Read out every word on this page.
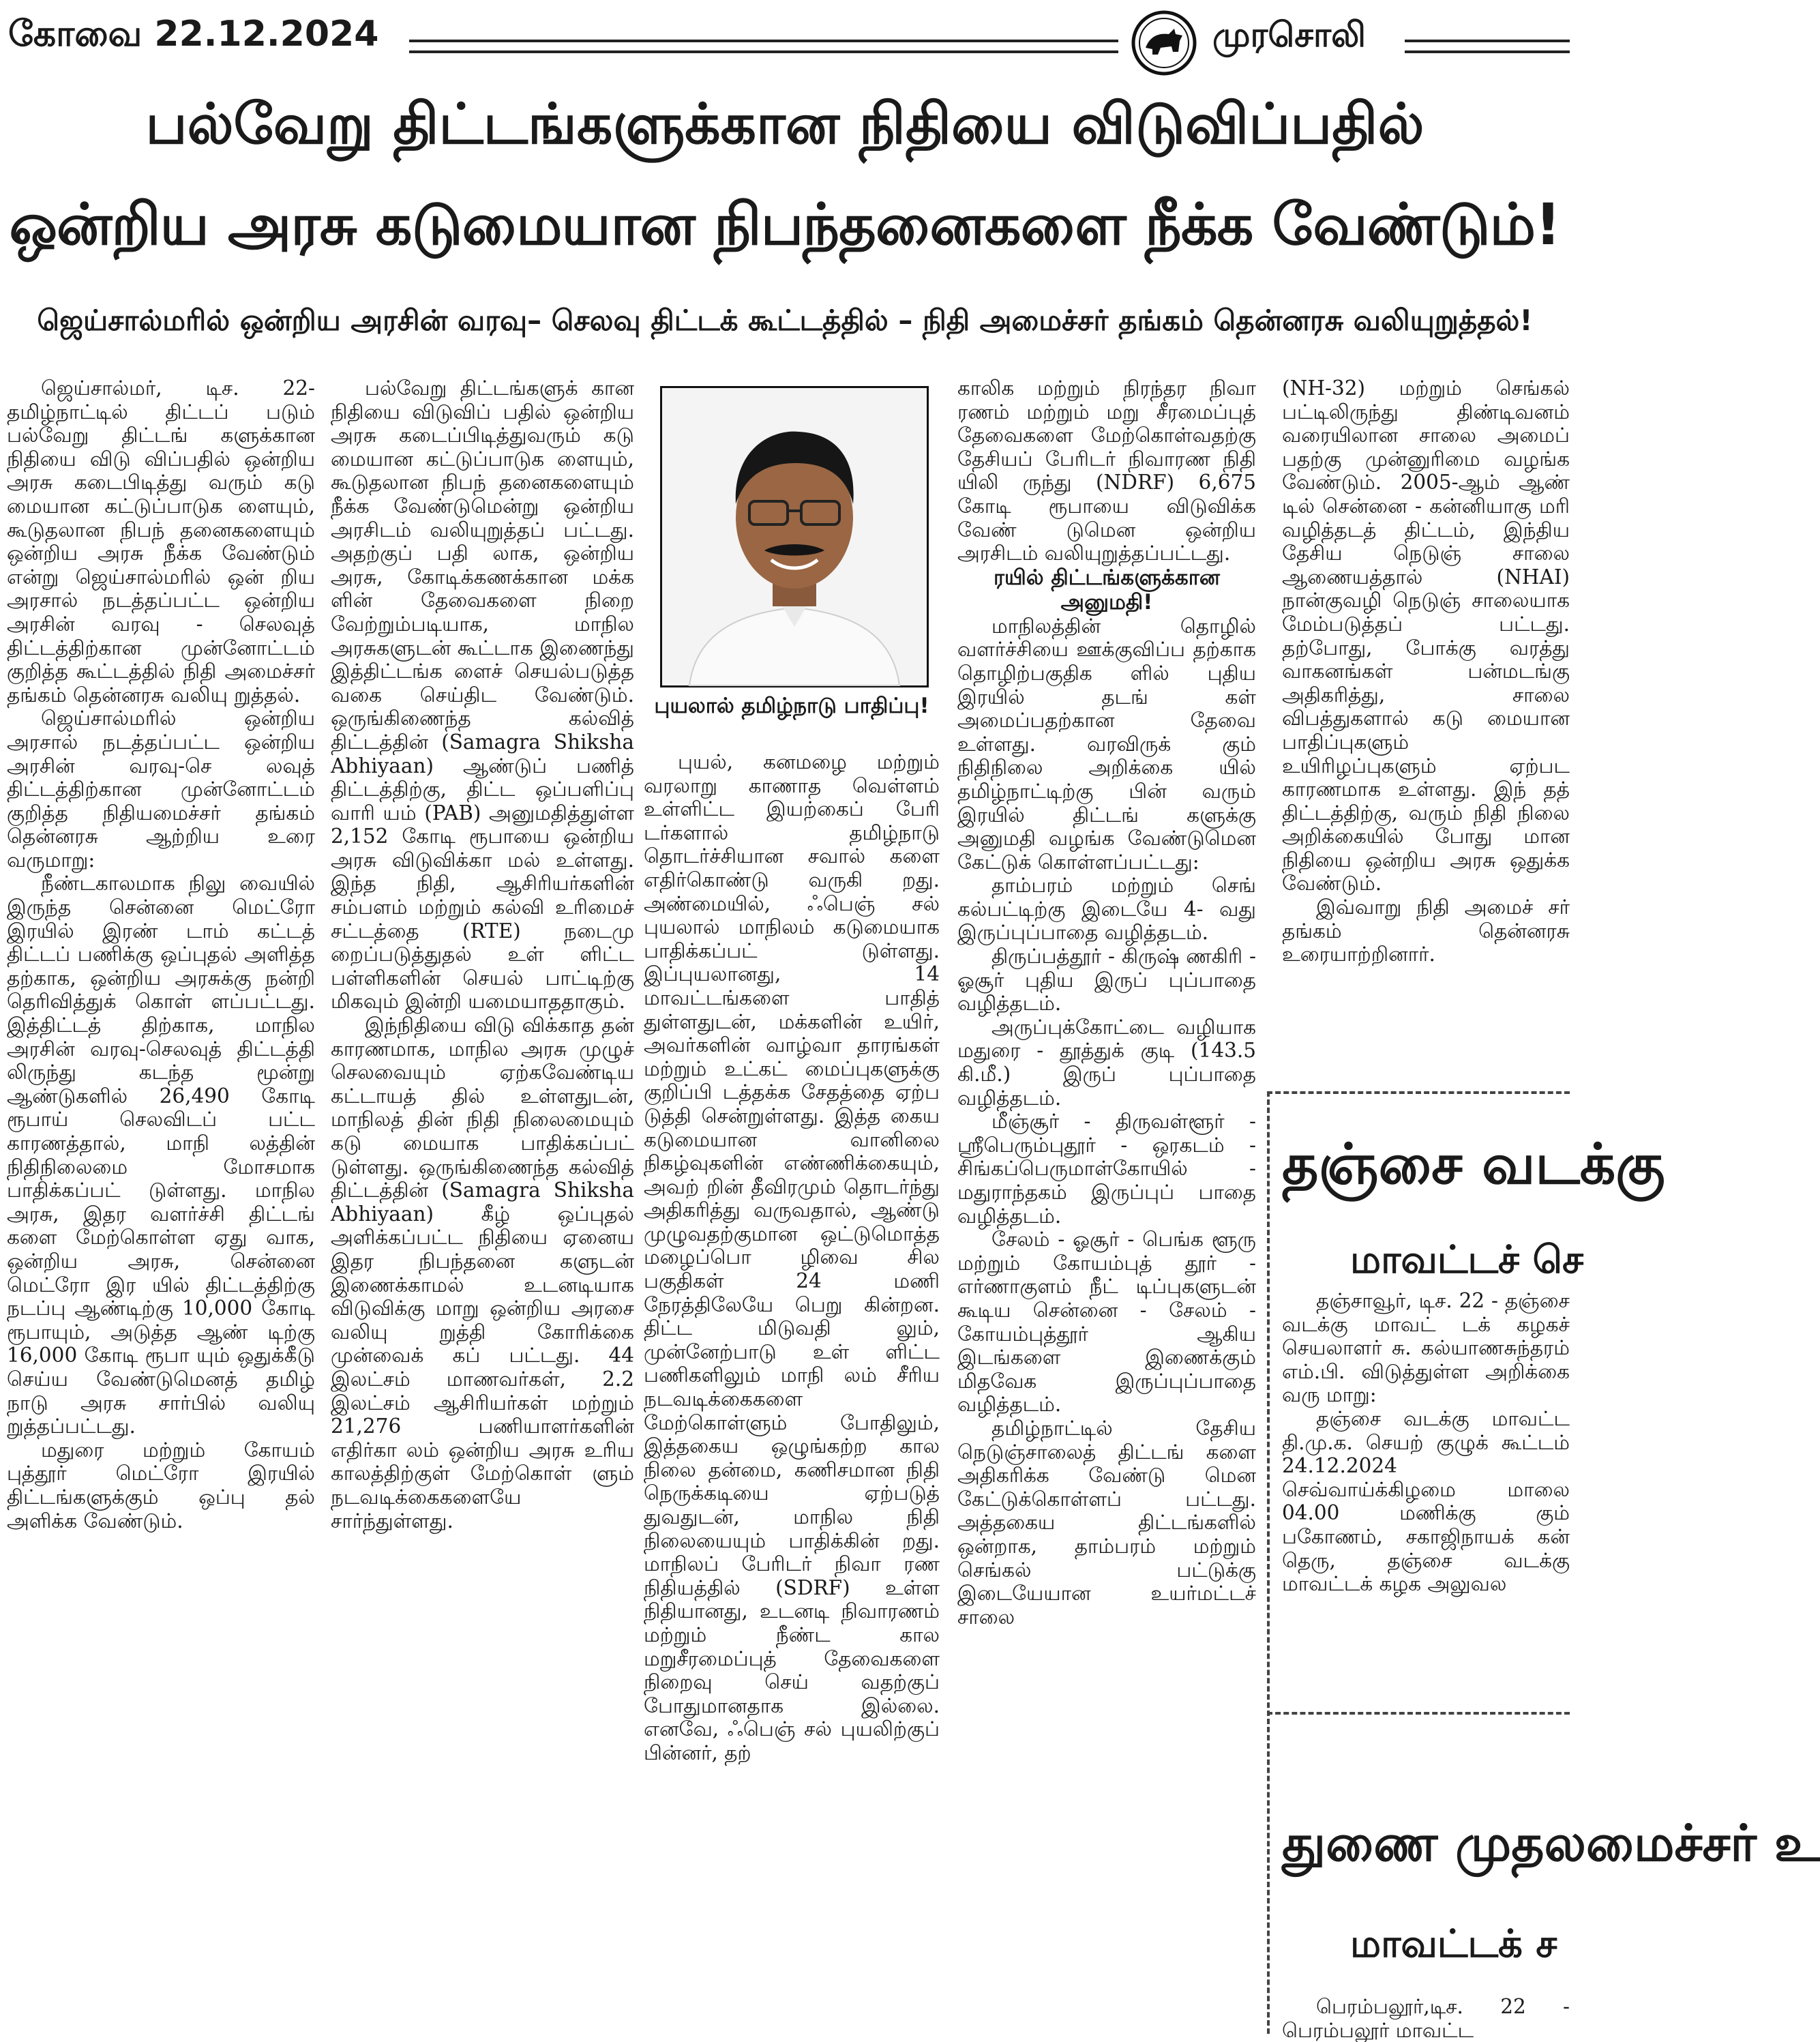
கோவை 22.12.2024	முரசொலி
பல்வேறு திட்டங்களுக்கான நிதியை விடுவிப்பதில்
ஒன்றிய அரசு கடுமையான நிபந்தனைகளை நீக்க வேண்டும்!
ஜெய்சால்மரில் ஒன்றிய அரசின் வரவு– செலவு திட்டக் கூட்டத்தில் – நிதி அமைச்சர் தங்கம் தென்னரசு வலியுறுத்தல்!

ஜெய்சால்மர், டிச. 22- தமிழ்நாட்டில் திட்டப் படும் பல்வேறு திட்டங் களுக்கான நிதியை விடு விப்பதில் ஒன்றிய அரசு கடைபிடித்து வரும் கடு மையான கட்டுப்பாடுக ளையும், கூடுதலான நிபந் தனைகளையும் ஒன்றிய அரசு நீக்க வேண்டும் என்று ஜெய்சால்மரில் ஒன் றிய அரசால் நடத்தப்பட்ட ஒன்றிய அரசின் வரவு - செலவுத் திட்டத்திற்கான முன்னோட்டம் குறித்த கூட்டத்தில் நிதி அமைச்சர் தங்கம் தென்னரசு வலியு றுத்தல்.

ஜெய்சால்மரில் ஒன்றிய அரசால் நடத்தப்பட்ட ஒன்றிய அரசின் வரவு-செ லவுத் திட்டத்திற்கான முன்னோட்டம் குறித்த நிதியமைச்சர் தங்கம் தென்னரசு ஆற்றிய உரை வருமாறு:

நீண்டகாலமாக நிலு வையில் இருந்த சென்னை மெட்ரோ இரயில் இரண் டாம் கட்டத் திட்டப் பணிக்கு ஒப்புதல் அளித்த தற்காக, ஒன்றிய அரசுக்கு நன்றி தெரிவித்துக் கொள் ளப்பட்டது. இத்திட்டத் திற்காக, மாநில அரசின் வரவு-செலவுத் திட்டத்தி லிருந்து கடந்த மூன்று ஆண்டுகளில் 26,490 கோடி ரூபாய் செலவிடப் பட்ட காரணத்தால், மாநி லத்தின் நிதிநிலைமை மோசமாக பாதிக்கப்பட் டுள்ளது. மாநில அரசு, இதர வளர்ச்சி திட்டங் களை மேற்கொள்ள ஏது வாக, ஒன்றிய அரசு, சென்னை மெட்ரோ இர யில் திட்டத்திற்கு நடப்பு ஆண்டிற்கு 10,000 கோடி ரூபாயும், அடுத்த ஆண் டிற்கு 16,000 கோடி ரூபா யும் ஒதுக்கீடு செய்ய வேண்டுமெனத் தமிழ் நாடு அரசு சார்பில் வலியு றுத்தப்பட்டது.

மதுரை மற்றும் கோயம் புத்தூர் மெட்ரோ இரயில் திட்டங்களுக்கும் ஒப்பு தல் அளிக்க வேண்டும்.

பல்வேறு திட்டங்களுக் கான நிதியை விடுவிப் பதில் ஒன்றிய அரசு கடைப்பிடித்துவரும் கடு மையான கட்டுப்பாடுக ளையும், கூடுதலான நிபந் தனைகளையும் நீக்க வேண்டுமென்று ஒன்றிய அரசிடம் வலியுறுத்தப் பட்டது. அதற்குப் பதி லாக, ஒன்றிய அரசு, கோடிக்கணக்கான மக்க ளின் தேவைகளை நிறை வேற்றும்படியாக, மாநில அரசுகளுடன் கூட்டாக இணைந்து இத்திட்டங்க ளைச் செயல்படுத்த வகை செய்திட வேண்டும். ஒருங்கிணைந்த கல்வித் திட்டத்தின் (Samagra Shiksha Abhiyaan) ஆண்டுப் பணித் திட்டத்திற்கு, திட்ட ஒப்பளிப்பு வாரி யம் (PAB) அனுமதித்துள்ள 2,152 கோடி ரூபாயை ஒன்றிய அரசு விடுவிக்கா மல் உள்ளது. இந்த நிதி, ஆசிரியர்களின் சம்பளம் மற்றும் கல்வி உரிமைச் சட்டத்தை (RTE) நடைமு றைப்படுத்துதல் உள் ளிட்ட பள்ளிகளின் செயல் பாட்டிற்கு மிகவும் இன்றி யமையாததாகும்.

இந்நிதியை விடு விக்காத தன் காரணமாக, மாநில அரசு முழுச் செலவையும் ஏற்கவேண்டிய கட்டாயத் தில் உள்ளதுடன், மாநிலத் தின் நிதி நிலைமையும் கடு மையாக பாதிக்கப்பட் டுள்ளது. ஒருங்கிணைந்த கல்வித் திட்டத்தின் (Samagra Shiksha Abhiyaan) கீழ் ஒப்புதல் அளிக்கப்பட்ட நிதியை ஏனைய இதர நிபந்தனை களுடன் இணைக்காமல் உடனடியாக விடுவிக்கு மாறு ஒன்றிய அரசை வலியு றுத்தி கோரிக்கை முன்வைக் கப் பட்டது. 44 இலட்சம் மாணவர்கள், 2.2 இலட்சம் ஆசிரியர்கள் மற்றும் 21,276 பணியாளர்களின் எதிர்கா லம் ஒன்றிய அரசு உரிய காலத்திற்குள் மேற்கொள் ளும் நடவடிக்கைகளையே சார்ந்துள்ளது.

புயலால் தமிழ்நாடு பாதிப்பு!

புயல், கனமழை மற்றும் வரலாறு காணாத வெள்ளம் உள்ளிட்ட இயற்கைப் பேரி டர்களால் தமிழ்நாடு தொடர்ச்சியான சவால் களை எதிர்கொண்டு வருகி றது. அண்மையில், ஃபெஞ் சல் புயலால் மாநிலம் கடுமையாக பாதிக்கப்பட் டுள்ளது. இப்புயலானது, 14 மாவட்டங்களை பாதித் துள்ளதுடன், மக்களின் உயிர், அவர்களின் வாழ்வா தாரங்கள் மற்றும் உட்கட் மைப்புகளுக்கு குறிப்பி டத்தக்க சேதத்தை ஏற்ப டுத்தி சென்றுள்ளது. இத்த கைய கடுமையான வானிலை நிகழ்வுகளின் எண்ணிக்கையும், அவற் றின் தீவிரமும் தொடர்ந்து அதிகரித்து வருவதால், ஆண்டு முழுவதற்குமான ஒட்டுமொத்த மழைப்பொ ழிவை சில பகுதிகள் 24 மணி நேரத்திலேயே பெறு கின்றன. திட்ட மிடுவதி லும், முன்னேற்பாடு உள் ளிட்ட பணிகளிலும் மாநி லம் சீரிய நடவடிக்கைகளை மேற்கொள்ளும் போதிலும், இத்தகைய ஒழுங்கற்ற கால நிலை தன்மை, கணிசமான நிதி நெருக்கடியை ஏற்படுத் துவதுடன், மாநில நிதி நிலையையும் பாதிக்கின் றது. மாநிலப் பேரிடர் நிவா ரண நிதியத்தில் (SDRF) உள்ள நிதியானது, உடனடி நிவாரணம் மற்றும் நீண்ட கால மறுசீரமைப்புத் தேவைகளை நிறைவு செய் வதற்குப் போதுமானதாக இல்லை. எனவே, ஃபெஞ் சல் புயலிற்குப் பின்னர், தற்

காலிக மற்றும் நிரந்தர நிவா ரணம் மற்றும் மறு சீரமைப்புத் தேவைகளை மேற்கொள்வதற்கு தேசியப் பேரிடர் நிவாரண நிதி யிலி ருந்து (NDRF) 6,675 கோடி ரூபாயை விடுவிக்க வேண் டுமென ஒன்றிய அரசிடம் வலியுறுத்தப்பட்டது.

ரயில் திட்டங்களுக்கான அனுமதி!

மாநிலத்தின் தொழில் வளர்ச்சியை ஊக்குவிப்ப தற்காக தொழிற்பகுதிக ளில் புதிய இரயில் தடங் கள் அமைப்பதற்கான தேவை உள்ளது. வரவிருக் கும் நிதிநிலை அறிக்கை யில் தமிழ்நாட்டிற்கு பின் வரும் இரயில் திட்டங் களுக்கு அனுமதி வழங்க வேண்டுமென கேட்டுக் கொள்ளப்பட்டது:

தாம்பரம் மற்றும் செங் கல்பட்டிற்கு இடையே 4- வது இருப்புப்பாதை வழித்தடம்.

திருப்பத்தூர் - கிருஷ் ணகிரி - ஓசூர் புதிய இருப் புப்பாதை வழித்தடம்.

அருப்புக்கோட்டை வழியாக மதுரை - தூத்துக் குடி (143.5 கி.மீ.) இருப் புப்பாதை வழித்தடம்.

மீஞ்சூர் - திருவள்ளூர் - ஸ்ரீபெரும்புதூர் - ஒரகடம் - சிங்கப்பெருமாள்கோயில் - மதுராந்தகம் இருப்புப் பாதை வழித்தடம்.

சேலம் - ஓசூர் - பெங்க ளூரு மற்றும் கோயம்புத் தூர் - எர்ணாகுளம் நீட் டிப்புகளுடன் கூடிய சென்னை - சேலம் - கோயம்புத்தூர் ஆகிய இடங்களை இணைக்கும் மிதவேக இருப்புப்பாதை வழித்தடம்.

தமிழ்நாட்டில் தேசிய நெடுஞ்சாலைத் திட்டங் களை அதிகரிக்க வேண்டு மென கேட்டுக்கொள்ளப் பட்டது. அத்தகைய திட்டங்களில் ஒன்றாக, தாம்பரம் மற்றும் செங்கல் பட்டுக்கு இடையேயான உயர்மட்டச் சாலை

(NH-32) மற்றும் செங்கல் பட்டிலிருந்து திண்டிவனம் வரையிலான சாலை அமைப் பதற்கு முன்னுரிமை வழங்க வேண்டும். 2005-ஆம் ஆண் டில் சென்னை - கன்னியாகு மரி வழித்தடத் திட்டம், இந்திய தேசிய நெடுஞ் சாலை ஆணையத்தால் (NHAI) நான்குவழி நெடுஞ் சாலையாக மேம்படுத்தப் பட்டது. தற்போது, போக்கு வரத்து வாகனங்கள் பன்மடங்கு அதிகரித்து, சாலை விபத்துகளால் கடு மையான பாதிப்புகளும் உயிரிழப்புகளும் ஏற்பட காரணமாக உள்ளது. இந் தத் திட்டத்திற்கு, வரும் நிதி நிலை அறிக்கையில் போது மான நிதியை ஒன்றிய அரசு ஒதுக்க வேண்டும்.

இவ்வாறு நிதி அமைச் சர் தங்கம் தென்னரசு உரையாற்றினார்.

தஞ்சை வடக்கு
மாவட்டச் செ

தஞ்சாவூர், டிச. 22 - தஞ்சை வடக்கு மாவட் டக் கழகச் செயலாளர் சு. கல்யாணசுந்தரம் எம்.பி. விடுத்துள்ள அறிக்கை வரு மாறு:

தஞ்சை வடக்கு மாவட்ட தி.மு.க. செயற் குழுக் கூட்டம் 24.12.2024 செவ்வாய்க்கிழமை மாலை 04.00 மணிக்கு கும் பகோணம், சகாஜிநாயக் கன் தெரு, தஞ்சை வடக்கு மாவட்டக் கழக அலுவல

துணை முதலமைச்சர் உ
மாவட்டக் ச

பெரம்பலூர்,டிச. 22 - பெரம்பலூர் மாவட்ட
